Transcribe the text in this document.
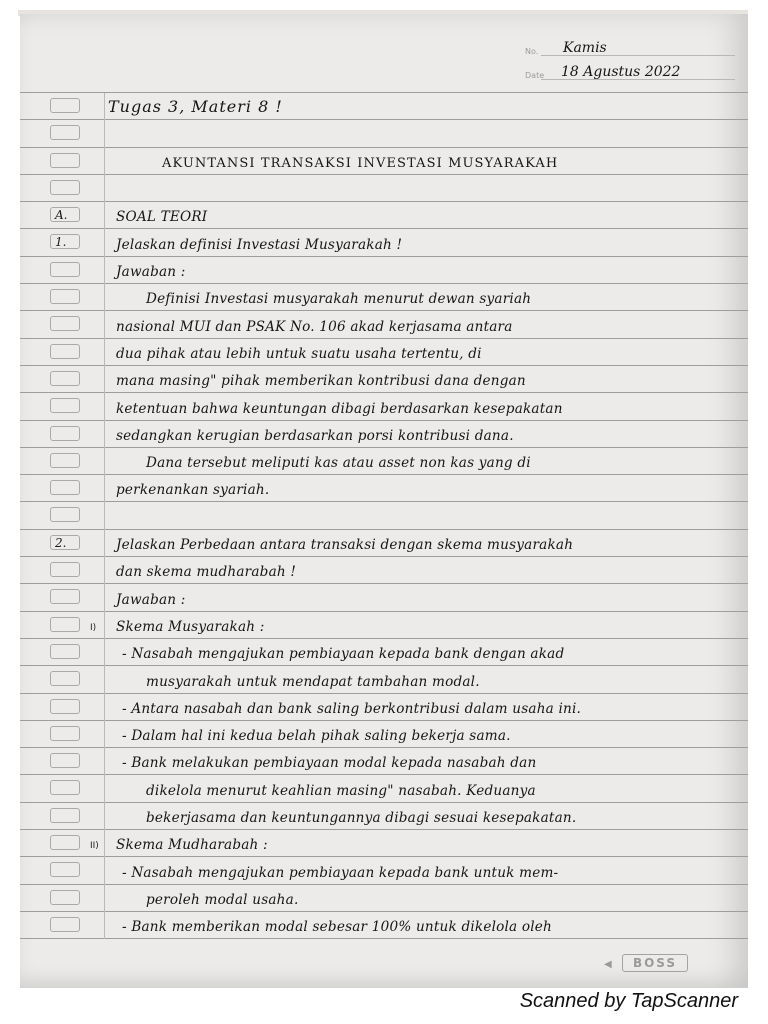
No. Kamis
Date 18 Agustus 2022
Tugas 3, Materi 8 !
AKUNTANSI TRANSAKSI INVESTASI MUSYARAKAH
A.	SOAL TEORI
1.	Jelaskan definisi Investasi Musyarakah !
Jawaban :
Definisi Investasi musyarakah menurut dewan syariah
nasional MUI dan PSAK No. 106 akad kerjasama antara
dua pihak atau lebih untuk suatu usaha tertentu, di
mana masing" pihak memberikan kontribusi dana dengan
ketentuan bahwa keuntungan dibagi berdasarkan kesepakatan
sedangkan kerugian berdasarkan porsi kontribusi dana.
Dana tersebut meliputi kas atau asset non kas yang di
perkenankan syariah.
2.	Jelaskan Perbedaan antara transaksi dengan skema musyarakah
dan skema mudharabah !
Jawaban :
I) Skema Musyarakah :
- Nasabah mengajukan pembiayaan kepada bank dengan akad
musyarakah untuk mendapat tambahan modal.
- Antara nasabah dan bank saling berkontribusi dalam usaha ini.
- Dalam hal ini kedua belah pihak saling bekerja sama.
- Bank melakukan pembiayaan modal kepada nasabah dan
dikelola menurut keahlian masing" nasabah. Keduanya
bekerjasama dan keuntungannya dibagi sesuai kesepakatan.
II) Skema Mudharabah :
- Nasabah mengajukan pembiayaan kepada bank untuk mem-
peroleh modal usaha.
- Bank memberikan modal sebesar 100% untuk dikelola oleh
◀	BOSS
Scanned by TapScanner
